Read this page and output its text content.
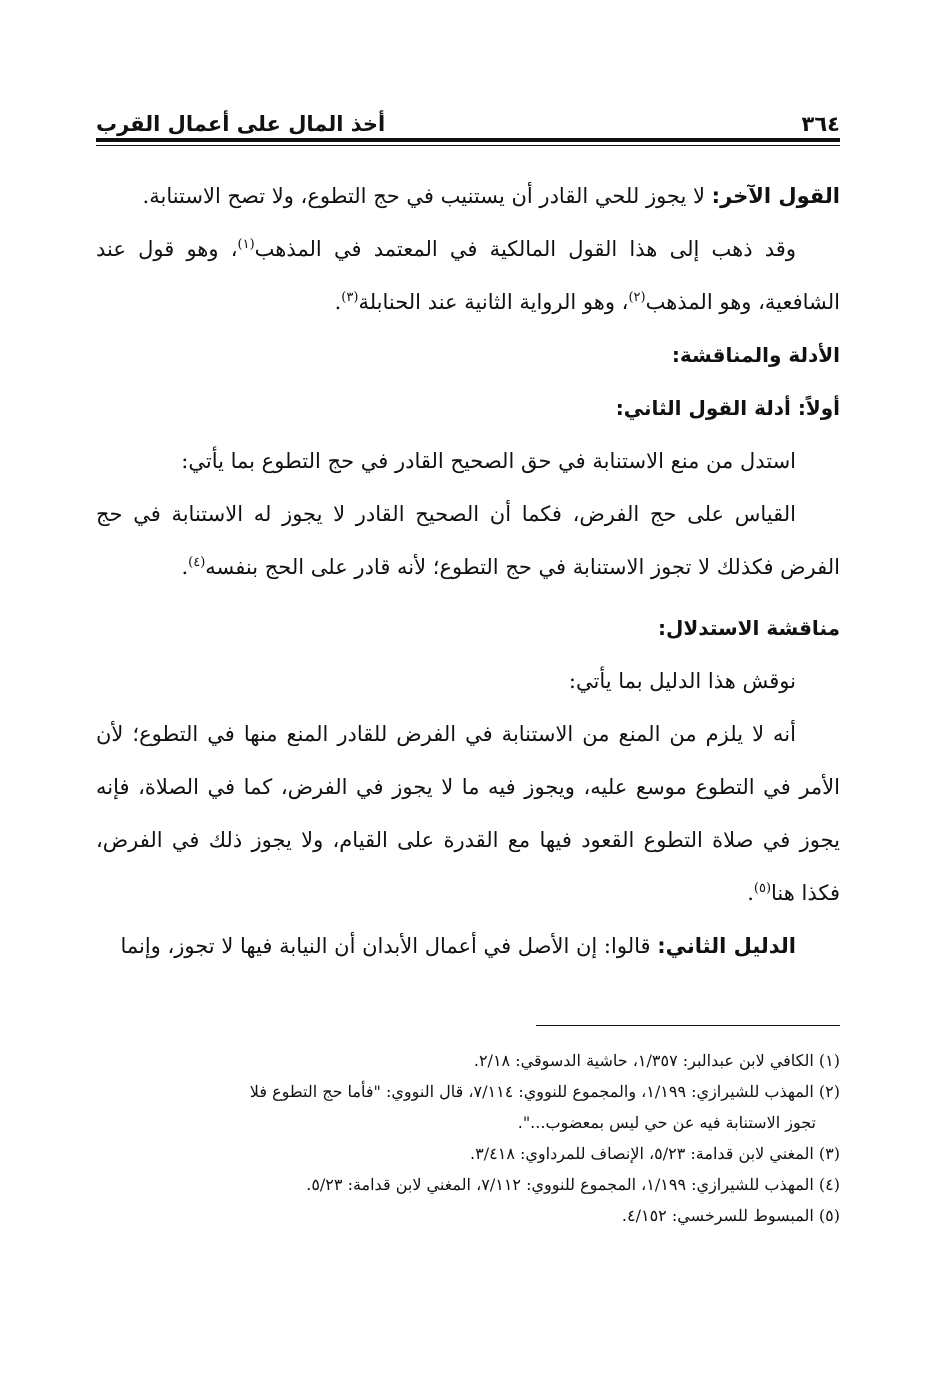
٣٦٤
أخذ المال على أعمال القرب

القول الآخر: لا يجوز للحي القادر أن يستنيب في حج التطوع، ولا تصح الاستنابة.

وقد ذهب إلى هذا القول المالكية في المعتمد في المذهب$^{(١)}$، وهو قول عند الشافعية، وهو المذهب$^{(٢)}$، وهو الرواية الثانية عند الحنابلة$^{(٣)}$.

الأدلة والمناقشة:

أولاً: أدلة القول الثاني:

استدل من منع الاستنابة في حق الصحيح القادر في حج التطوع بما يأتي:

القياس على حج الفرض، فكما أن الصحيح القادر لا يجوز له الاستنابة في حج الفرض فكذلك لا تجوز الاستنابة في حج التطوع؛ لأنه قادر على الحج بنفسه$^{(٤)}$.

مناقشة الاستدلال:

نوقش هذا الدليل بما يأتي:

أنه لا يلزم من المنع من الاستنابة في الفرض للقادر المنع منها في التطوع؛ لأن الأمر في التطوع موسع عليه، ويجوز فيه ما لا يجوز في الفرض، كما في الصلاة، فإنه يجوز في صلاة التطوع القعود فيها مع القدرة على القيام، ولا يجوز ذلك في الفرض، فكذا هنا$^{(٥)}$.

الدليل الثاني: قالوا: إن الأصل في أعمال الأبدان أن النيابة فيها لا تجوز، وإنما

(١) الكافي لابن عبدالبر: ١/٣٥٧، حاشية الدسوقي: ٢/١٨.

(٢) المهذب للشيرازي: ١/١٩٩، والمجموع للنووي: ٧/١١٤، قال النووي: "فأما حج التطوع فلا

تجوز الاستنابة فيه عن حي ليس بمعضوب...".

(٣) المغني لابن قدامة: ٥/٢٣، الإنصاف للمرداوي: ٣/٤١٨.

(٤) المهذب للشيرازي: ١/١٩٩، المجموع للنووي: ٧/١١٢، المغني لابن قدامة: ٥/٢٣.

(٥) المبسوط للسرخسي: ٤/١٥٢.
